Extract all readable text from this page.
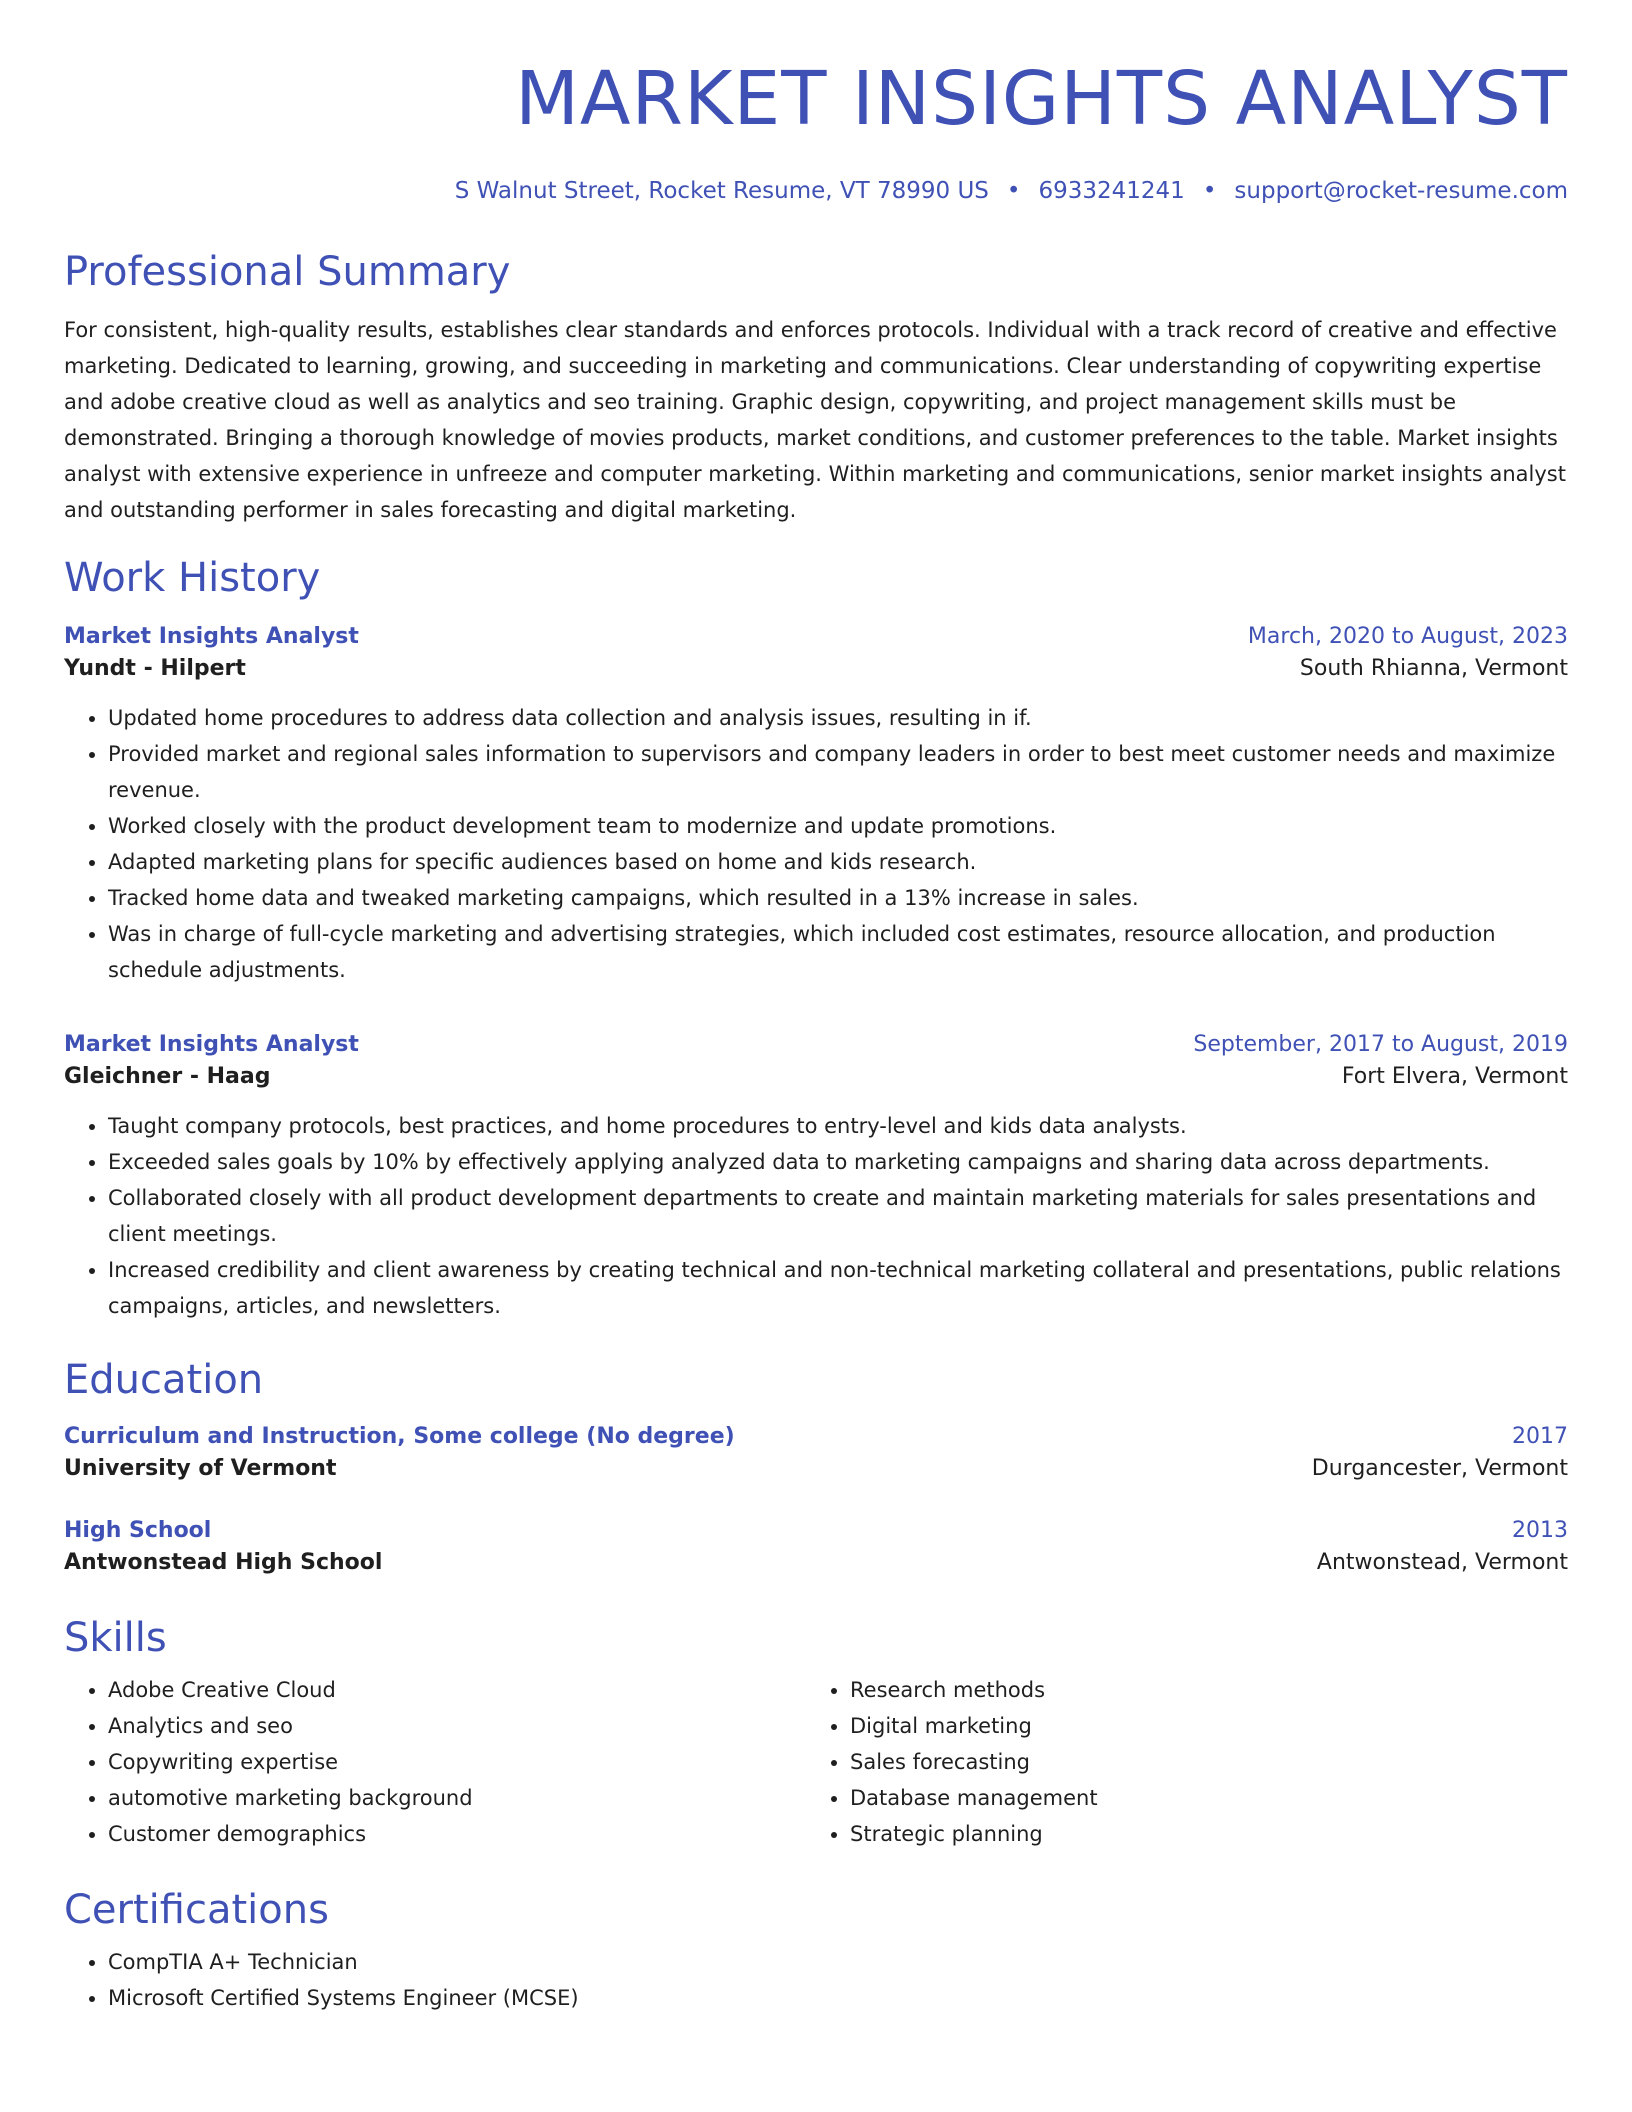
MARKET INSIGHTS ANALYST
S Walnut Street, Rocket Resume, VT 78990 US • 6933241241 • support@rocket-resume.com
Professional Summary

For consistent, high-quality results, establishes clear standards and enforces protocols. Individual with a track record of creative and effective marketing. Dedicated to learning, growing, and succeeding in marketing and communications. Clear understanding of copywriting expertise and adobe creative cloud as well as analytics and seo training. Graphic design, copywriting, and project management skills must be demonstrated. Bringing a thorough knowledge of movies products, market conditions, and customer preferences to the table. Market insights analyst with extensive experience in unfreeze and computer marketing. Within marketing and communications, senior market insights analyst and outstanding performer in sales forecasting and digital marketing.

Work History
Market Insights Analyst	March, 2020 to August, 2023
Yundt - Hilpert	South Rhianna, Vermont
• Updated home procedures to address data collection and analysis issues, resulting in if.
• Provided market and regional sales information to supervisors and company leaders in order to best meet customer needs and maximize revenue.
• Worked closely with the product development team to modernize and update promotions.
• Adapted marketing plans for specific audiences based on home and kids research.
• Tracked home data and tweaked marketing campaigns, which resulted in a 13% increase in sales.
• Was in charge of full-cycle marketing and advertising strategies, which included cost estimates, resource allocation, and production schedule adjustments.
Market Insights Analyst	September, 2017 to August, 2019
Gleichner - Haag	Fort Elvera, Vermont
• Taught company protocols, best practices, and home procedures to entry-level and kids data analysts.
• Exceeded sales goals by 10% by effectively applying analyzed data to marketing campaigns and sharing data across departments.
• Collaborated closely with all product development departments to create and maintain marketing materials for sales presentations and client meetings.
• Increased credibility and client awareness by creating technical and non-technical marketing collateral and presentations, public relations campaigns, articles, and newsletters.
Education
Curriculum and Instruction, Some college (No degree)	2017
University of Vermont	Durgancester, Vermont
High School	2013
Antwonstead High School	Antwonstead, Vermont
Skills
• Adobe Creative Cloud
• Analytics and seo
• Copywriting expertise
• automotive marketing background
• Customer demographics
• Research methods
• Digital marketing
• Sales forecasting
• Database management
• Strategic planning
Certifications
• CompTIA A+ Technician
• Microsoft Certified Systems Engineer (MCSE)
